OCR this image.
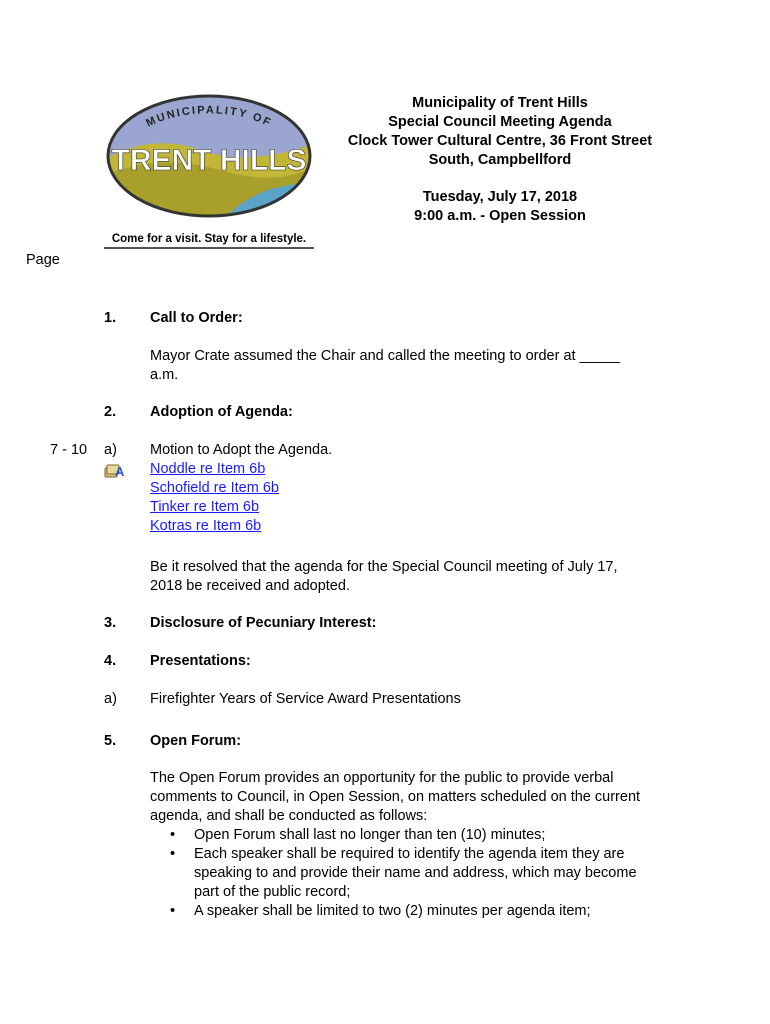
MUNICIPALITY OF
TRENT HILLS
Come for a visit. Stay for a lifestyle.
Municipality of Trent Hills
Special Council Meeting Agenda
Clock Tower Cultural Centre, 36 Front Street
South, Campbellford
Tuesday, July 17, 2018
9:00 a.m. - Open Session
Page
1. Call to Order:
Mayor Crate assumed the Chair and called the meeting to order at _____
a.m.
2. Adoption of Agenda:
7 - 10 a)
A
Motion to Adopt the Agenda.
Noddle re Item 6b
Schofield re Item 6b
Tinker re Item 6b
Kotras re Item 6b
Be it resolved that the agenda for the Special Council meeting of July 17,
2018 be received and adopted.
3. Disclosure of Pecuniary Interest:
4. Presentations:
a) Firefighter Years of Service Award Presentations
5. Open Forum:
The Open Forum provides an opportunity for the public to provide verbal
comments to Council, in Open Session, on matters scheduled on the current
agenda, and shall be conducted as follows:
• Open Forum shall last no longer than ten (10) minutes;
• Each speaker shall be required to identify the agenda item they are
speaking to and provide their name and address, which may become
part of the public record;
• A speaker shall be limited to two (2) minutes per agenda item;
